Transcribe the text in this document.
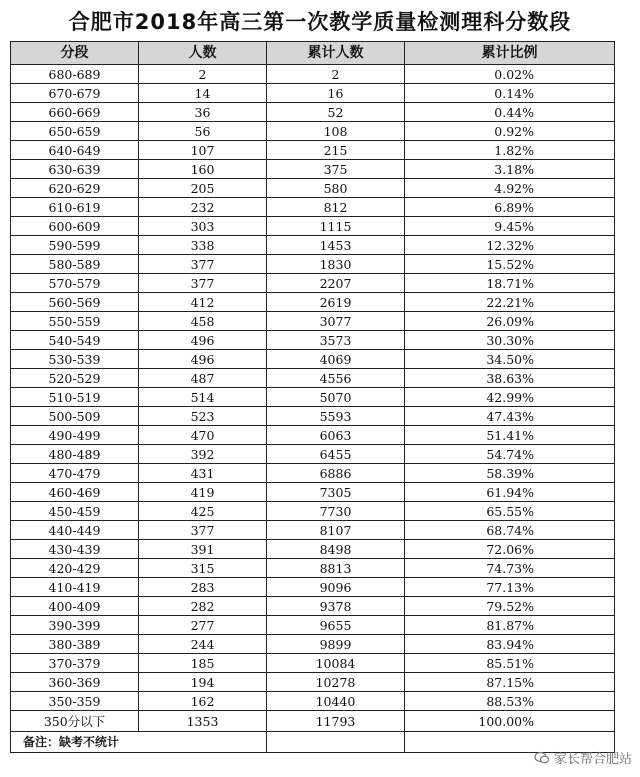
合肥市2018年高三第一次教学质量检测理科分数段
分段	人数	累计人数	累计比例
680-689	2	2	0.02%
670-679	14	16	0.14%
660-669	36	52	0.44%
650-659	56	108	0.92%
640-649	107	215	1.82%
630-639	160	375	3.18%
620-629	205	580	4.92%
610-619	232	812	6.89%
600-609	303	1115	9.45%
590-599	338	1453	12.32%
580-589	377	1830	15.52%
570-579	377	2207	18.71%
560-569	412	2619	22.21%
550-559	458	3077	26.09%
540-549	496	3573	30.30%
530-539	496	4069	34.50%
520-529	487	4556	38.63%
510-519	514	5070	42.99%
500-509	523	5593	47.43%
490-499	470	6063	51.41%
480-489	392	6455	54.74%
470-479	431	6886	58.39%
460-469	419	7305	61.94%
450-459	425	7730	65.55%
440-449	377	8107	68.74%
430-439	391	8498	72.06%
420-429	315	8813	74.73%
410-419	283	9096	77.13%
400-409	282	9378	79.52%
390-399	277	9655	81.87%
380-389	244	9899	83.94%
370-379	185	10084	85.51%
360-369	194	10278	87.15%
350-359	162	10440	88.53%
350分以下	1353	11793	100.00%
备注：缺考不统计			
家长帮合肥站
